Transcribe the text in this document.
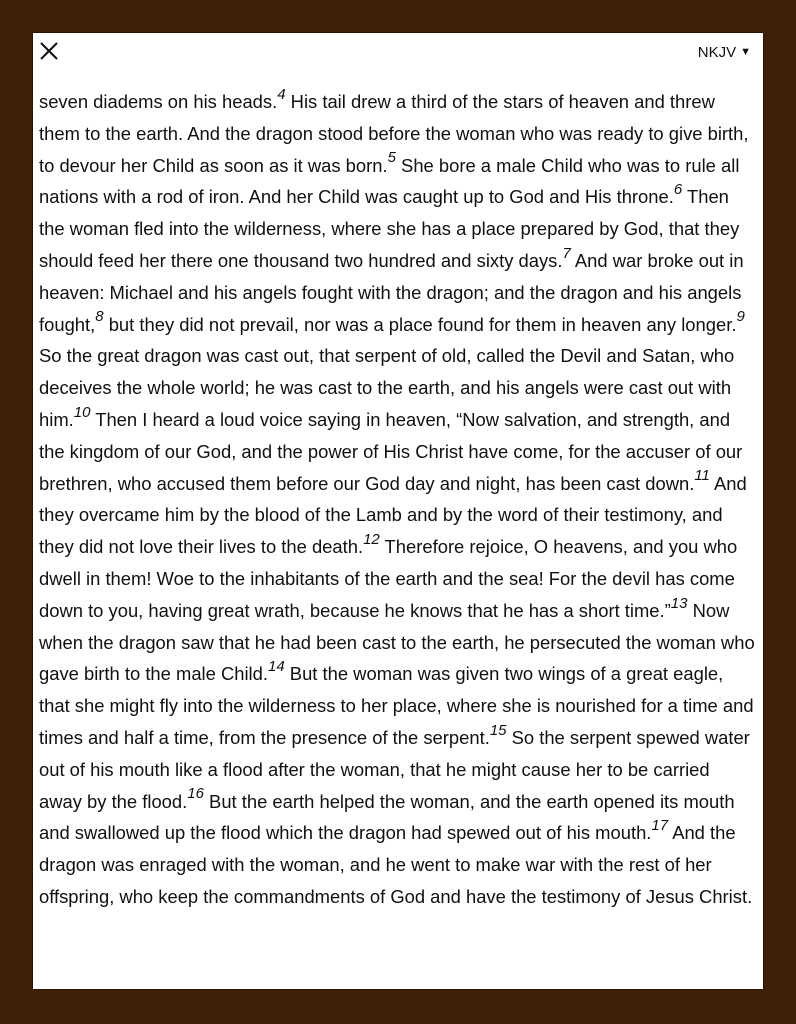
NKJV ▼

seven diadems on his heads.$^4$ His tail drew a third of the stars of heaven and threw them to the earth. And the dragon stood before the woman who was ready to give birth, to devour her Child as soon as it was born.$^5$ She bore a male Child who was to rule all nations with a rod of iron. And her Child was caught up to God and His throne.$^6$ Then the woman fled into the wilderness, where she has a place prepared by God, that they should feed her there one thousand two hundred and sixty days.$^7$ And war broke out in heaven: Michael and his angels fought with the dragon; and the dragon and his angels fought,$^8$ but they did not prevail, nor was a place found for them in heaven any longer.$^9$ So the great dragon was cast out, that serpent of old, called the Devil and Satan, who deceives the whole world; he was cast to the earth, and his angels were cast out with him.$^{10}$ Then I heard a loud voice saying in heaven, “Now salvation, and strength, and the kingdom of our God, and the power of His Christ have come, for the accuser of our brethren, who accused them before our God day and night, has been cast down.$^{11}$ And they overcame him by the blood of the Lamb and by the word of their testimony, and they did not love their lives to the death.$^{12}$ Therefore rejoice, O heavens, and you who dwell in them! Woe to the inhabitants of the earth and the sea! For the devil has come down to you, having great wrath, because he knows that he has a short time.”$^{13}$ Now when the dragon saw that he had been cast to the earth, he persecuted the woman who gave birth to the male Child.$^{14}$ But the woman was given two wings of a great eagle, that she might fly into the wilderness to her place, where she is nourished for a time and times and half a time, from the presence of the serpent.$^{15}$ So the serpent spewed water out of his mouth like a flood after the woman, that he might cause her to be carried away by the flood.$^{16}$ But the earth helped the woman, and the earth opened its mouth and swallowed up the flood which the dragon had spewed out of his mouth.$^{17}$ And the dragon was enraged with the woman, and he went to make war with the rest of her offspring, who keep the commandments of God and have the testimony of Jesus Christ.
